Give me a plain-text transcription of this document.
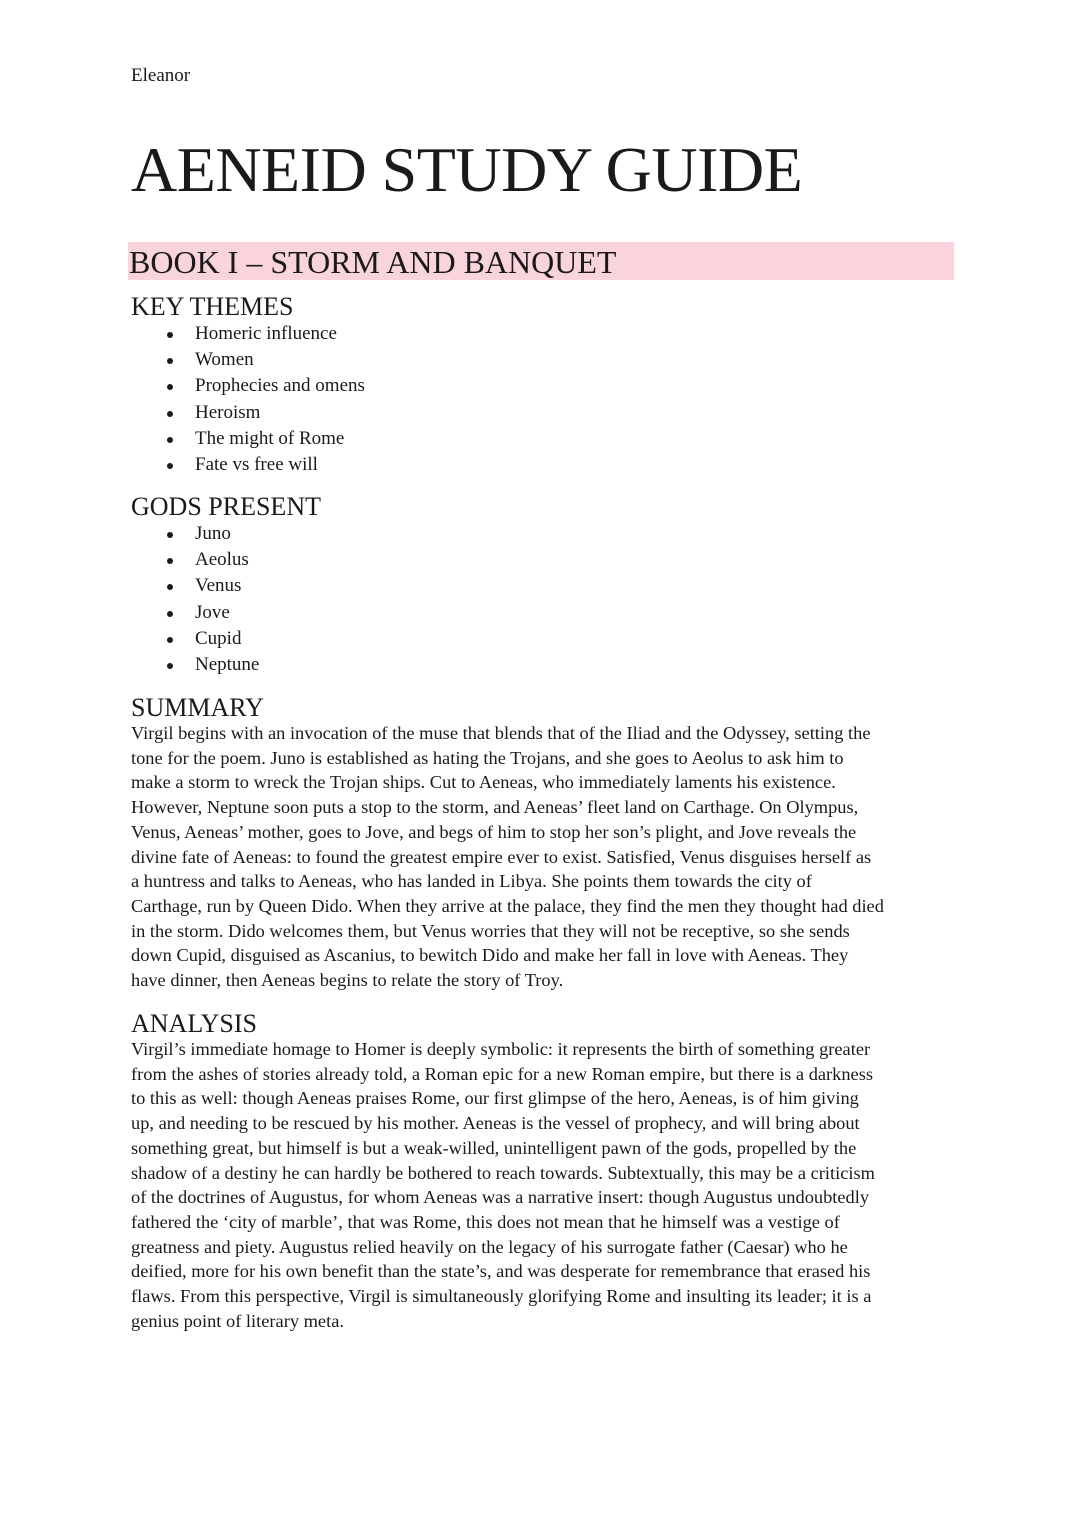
Eleanor
AENEID STUDY GUIDE
BOOK I – STORM AND BANQUET
KEY THEMES
Homeric influence
Women
Prophecies and omens
Heroism
The might of Rome
Fate vs free will
GODS PRESENT
Juno
Aeolus
Venus
Jove
Cupid
Neptune
SUMMARY

Virgil begins with an invocation of the muse that blends that of the Iliad and the Odyssey, setting the
tone for the poem. Juno is established as hating the Trojans, and she goes to Aeolus to ask him to
make a storm to wreck the Trojan ships. Cut to Aeneas, who immediately laments his existence.
However, Neptune soon puts a stop to the storm, and Aeneas’ fleet land on Carthage. On Olympus,
Venus, Aeneas’ mother, goes to Jove, and begs of him to stop her son’s plight, and Jove reveals the
divine fate of Aeneas: to found the greatest empire ever to exist. Satisfied, Venus disguises herself as
a huntress and talks to Aeneas, who has landed in Libya. She points them towards the city of
Carthage, run by Queen Dido. When they arrive at the palace, they find the men they thought had died
in the storm. Dido welcomes them, but Venus worries that they will not be receptive, so she sends
down Cupid, disguised as Ascanius, to bewitch Dido and make her fall in love with Aeneas. They
have dinner, then Aeneas begins to relate the story of Troy.

ANALYSIS

Virgil’s immediate homage to Homer is deeply symbolic: it represents the birth of something greater
from the ashes of stories already told, a Roman epic for a new Roman empire, but there is a darkness
to this as well: though Aeneas praises Rome, our first glimpse of the hero, Aeneas, is of him giving
up, and needing to be rescued by his mother. Aeneas is the vessel of prophecy, and will bring about
something great, but himself is but a weak-willed, unintelligent pawn of the gods, propelled by the
shadow of a destiny he can hardly be bothered to reach towards. Subtextually, this may be a criticism
of the doctrines of Augustus, for whom Aeneas was a narrative insert: though Augustus undoubtedly
fathered the ‘city of marble’, that was Rome, this does not mean that he himself was a vestige of
greatness and piety. Augustus relied heavily on the legacy of his surrogate father (Caesar) who he
deified, more for his own benefit than the state’s, and was desperate for remembrance that erased his
flaws. From this perspective, Virgil is simultaneously glorifying Rome and insulting its leader; it is a
genius point of literary meta.
